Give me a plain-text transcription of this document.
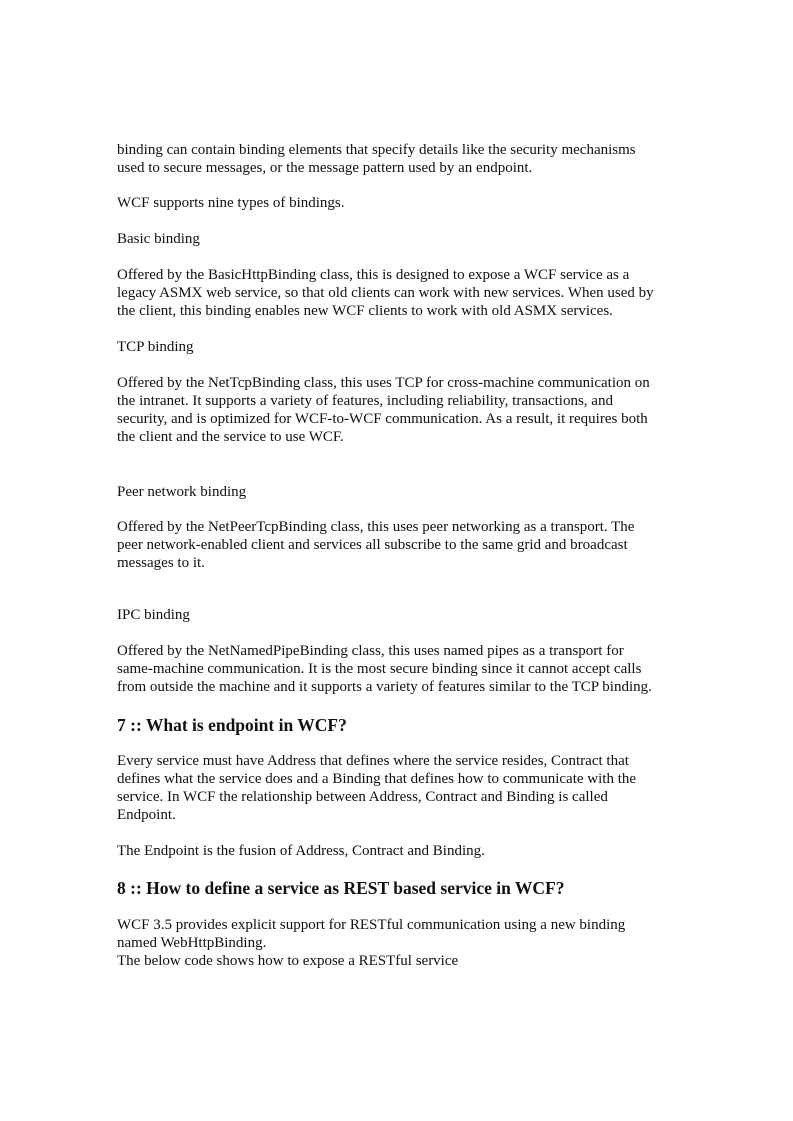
binding can contain binding elements that specify details like the security mechanisms

used to secure messages, or the message pattern used by an endpoint.

WCF supports nine types of bindings.

Basic binding

Offered by the BasicHttpBinding class, this is designed to expose a WCF service as a

legacy ASMX web service, so that old clients can work with new services. When used by

the client, this binding enables new WCF clients to work with old ASMX services.

TCP binding

Offered by the NetTcpBinding class, this uses TCP for cross-machine communication on

the intranet. It supports a variety of features, including reliability, transactions, and

security, and is optimized for WCF-to-WCF communication. As a result, it requires both

the client and the service to use WCF.

Peer network binding

Offered by the NetPeerTcpBinding class, this uses peer networking as a transport. The

peer network-enabled client and services all subscribe to the same grid and broadcast

messages to it.

IPC binding

Offered by the NetNamedPipeBinding class, this uses named pipes as a transport for

same-machine communication. It is the most secure binding since it cannot accept calls

from outside the machine and it supports a variety of features similar to the TCP binding.

7 :: What is endpoint in WCF?

Every service must have Address that defines where the service resides, Contract that

defines what the service does and a Binding that defines how to communicate with the

service. In WCF the relationship between Address, Contract and Binding is called

Endpoint.

The Endpoint is the fusion of Address, Contract and Binding.

8 :: How to define a service as REST based service in WCF?

WCF 3.5 provides explicit support for RESTful communication using a new binding

named WebHttpBinding.

The below code shows how to expose a RESTful service
